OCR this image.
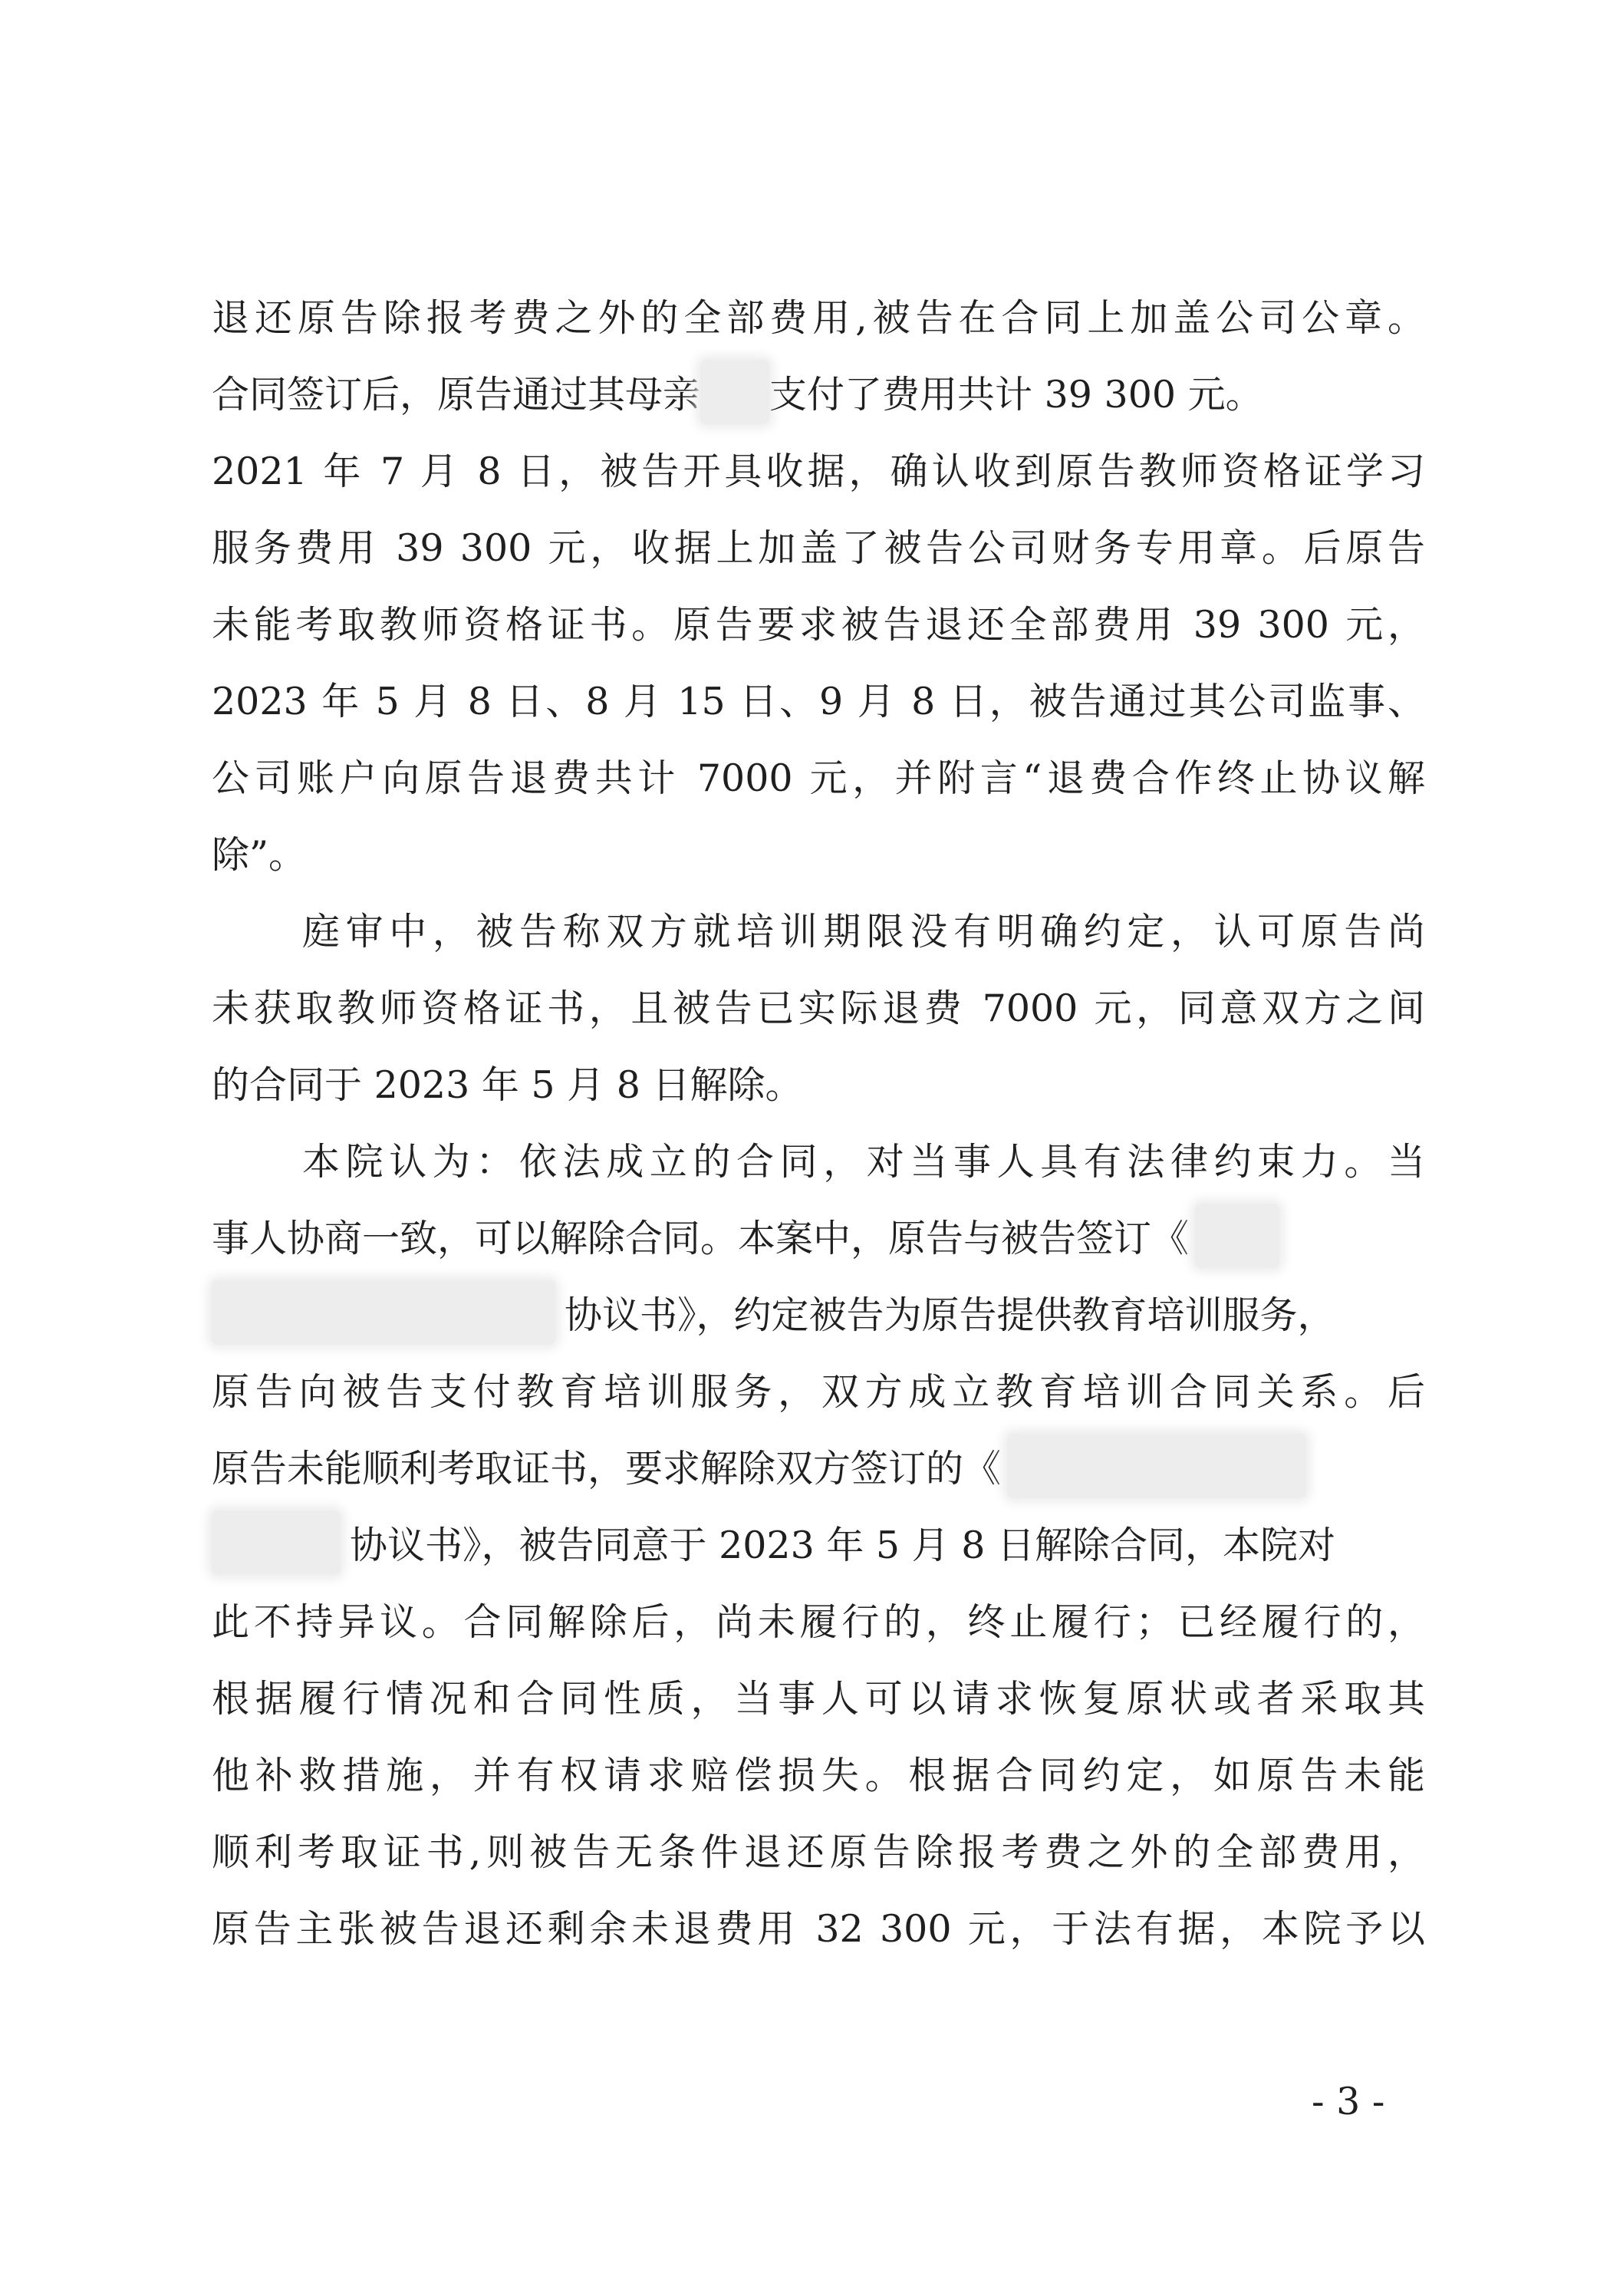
退还原告除报考费之外的全部费用,被告在合同上加盖公司公章。
合同签订后，原告通过其母亲 支付了费用共计 39 300 元。
2021 年 7 月 8 日，被告开具收据，确认收到原告教师资格证学习
服务费用 39 300 元，收据上加盖了被告公司财务专用章。后原告
未能考取教师资格证书。原告要求被告退还全部费用 39 300 元，
2023 年 5 月 8 日、8 月 15 日、9 月 8 日，被告通过其公司监事、
公司账户向原告退费共计 7000 元，并附言“退费合作终止协议解
除”。
庭审中，被告称双方就培训期限没有明确约定，认可原告尚
未获取教师资格证书，且被告已实际退费 7000 元，同意双方之间
的合同于 2023 年 5 月 8 日解除。
本院认为：依法成立的合同，对当事人具有法律约束力。当
事人协商一致，可以解除合同。本案中，原告与被告签订《
协议书》，约定被告为原告提供教育培训服务，
原告向被告支付教育培训服务，双方成立教育培训合同关系。后
原告未能顺利考取证书，要求解除双方签订的《
协议书》，被告同意于 2023 年 5 月 8 日解除合同，本院对
此不持异议。合同解除后，尚未履行的，终止履行；已经履行的，
根据履行情况和合同性质，当事人可以请求恢复原状或者采取其
他补救措施，并有权请求赔偿损失。根据合同约定，如原告未能
顺利考取证书,则被告无条件退还原告除报考费之外的全部费用，
原告主张被告退还剩余未退费用 32 300 元，于法有据，本院予以
- 3 -
